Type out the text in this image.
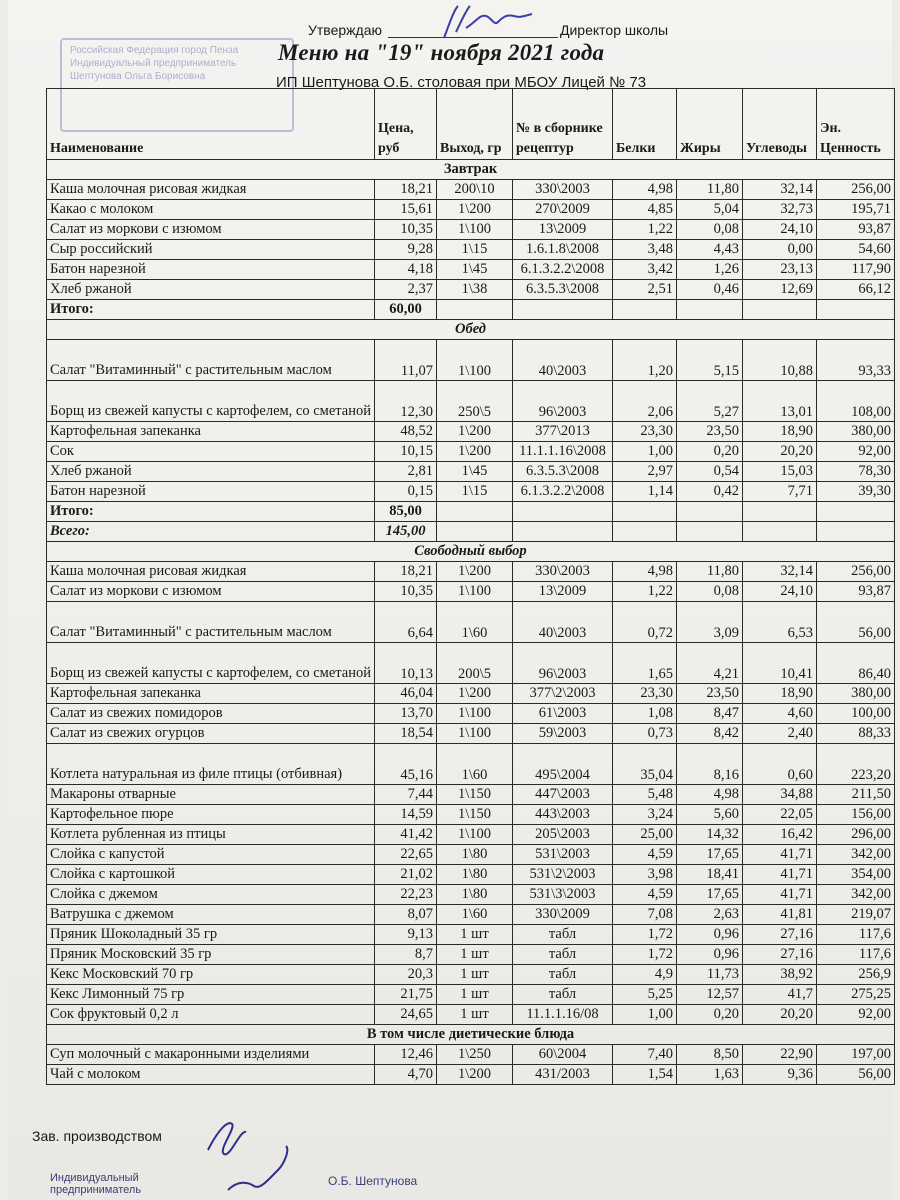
Российская Федерация город Пенза Индивидуальный предприниматель Шептунова Ольга Борисовна
Утверждаю	Директор школы
Меню на "19" ноября 2021 года
ИП Шептунова О.Б. столовая при МБОУ Лицей № 73
Наименование	Цена, руб	Выход, гр	№ в сборнике рецептур	Белки	Жиры	Углеводы	Эн. Ценность
Завтрак							
Каша молочная рисовая жидкая	18,21	200\10	330\2003	4,98	11,80	32,14	256,00
Какао с молоком	15,61	1\200	270\2009	4,85	5,04	32,73	195,71
Салат из моркови с изюмом	10,35	1\100	13\2009	1,22	0,08	24,10	93,87
Сыр российский	9,28	1\15	1.6.1.8\2008	3,48	4,43	0,00	54,60
Батон нарезной	4,18	1\45	6.1.3.2.2\2008	3,42	1,26	23,13	117,90
Хлеб ржаной	2,37	1\38	6.3.5.3\2008	2,51	0,46	12,69	66,12
Итого:	60,00						
Обед							
Салат "Витаминный" с растительным маслом	11,07	1\100	40\2003	1,20	5,15	10,88	93,33
Борщ из свежей капусты с картофелем, со сметаной	12,30	250\5	96\2003	2,06	5,27	13,01	108,00
Картофельная запеканка	48,52	1\200	377\2013	23,30	23,50	18,90	380,00
Сок	10,15	1\200	11.1.1.16\2008	1,00	0,20	20,20	92,00
Хлеб ржаной	2,81	1\45	6.3.5.3\2008	2,97	0,54	15,03	78,30
Батон нарезной	0,15	1\15	6.1.3.2.2\2008	1,14	0,42	7,71	39,30
Итого:	85,00						
Всего:	145,00						
Свободный выбор							
Каша молочная рисовая жидкая	18,21	1\200	330\2003	4,98	11,80	32,14	256,00
Салат из моркови с изюмом	10,35	1\100	13\2009	1,22	0,08	24,10	93,87
Салат "Витаминный" с растительным маслом	6,64	1\60	40\2003	0,72	3,09	6,53	56,00
Борщ из свежей капусты с картофелем, со сметаной	10,13	200\5	96\2003	1,65	4,21	10,41	86,40
Картофельная запеканка	46,04	1\200	377\2\2003	23,30	23,50	18,90	380,00
Салат из свежих помидоров	13,70	1\100	61\2003	1,08	8,47	4,60	100,00
Салат из свежих огурцов	18,54	1\100	59\2003	0,73	8,42	2,40	88,33
Котлета натуральная из филе птицы (отбивная)	45,16	1\60	495\2004	35,04	8,16	0,60	223,20
Макароны отварные	7,44	1\150	447\2003	5,48	4,98	34,88	211,50
Картофельное пюре	14,59	1\150	443\2003	3,24	5,60	22,05	156,00
Котлета рубленная из птицы	41,42	1\100	205\2003	25,00	14,32	16,42	296,00
Слойка с капустой	22,65	1\80	531\2003	4,59	17,65	41,71	342,00
Слойка с картошкой	21,02	1\80	531\2\2003	3,98	18,41	41,71	354,00
Слойка с джемом	22,23	1\80	531\3\2003	4,59	17,65	41,71	342,00
Ватрушка с джемом	8,07	1\60	330\2009	7,08	2,63	41,81	219,07
Пряник Шоколадный 35 гр	9,13	1 шт	табл	1,72	0,96	27,16	117,6
Пряник Московский 35 гр	8,7	1 шт	табл	1,72	0,96	27,16	117,6
Кекс Московский 70 гр	20,3	1 шт	табл	4,9	11,73	38,92	256,9
Кекс Лимонный 75 гр	21,75	1 шт	табл	5,25	12,57	41,7	275,25
Сок фруктовый 0,2 л	24,65	1 шт	11.1.1.16/08	1,00	0,20	20,20	92,00
В том числе диетические блюда							
Суп молочный с макаронными изделиями	12,46	1\250	60\2004	7,40	8,50	22,90	197,00
Чай с молоком	4,70	1\200	431/2003	1,54	1,63	9,36	56,00
Зав. производством
Индивидуальный предприниматель
О.Б. Шептунова
